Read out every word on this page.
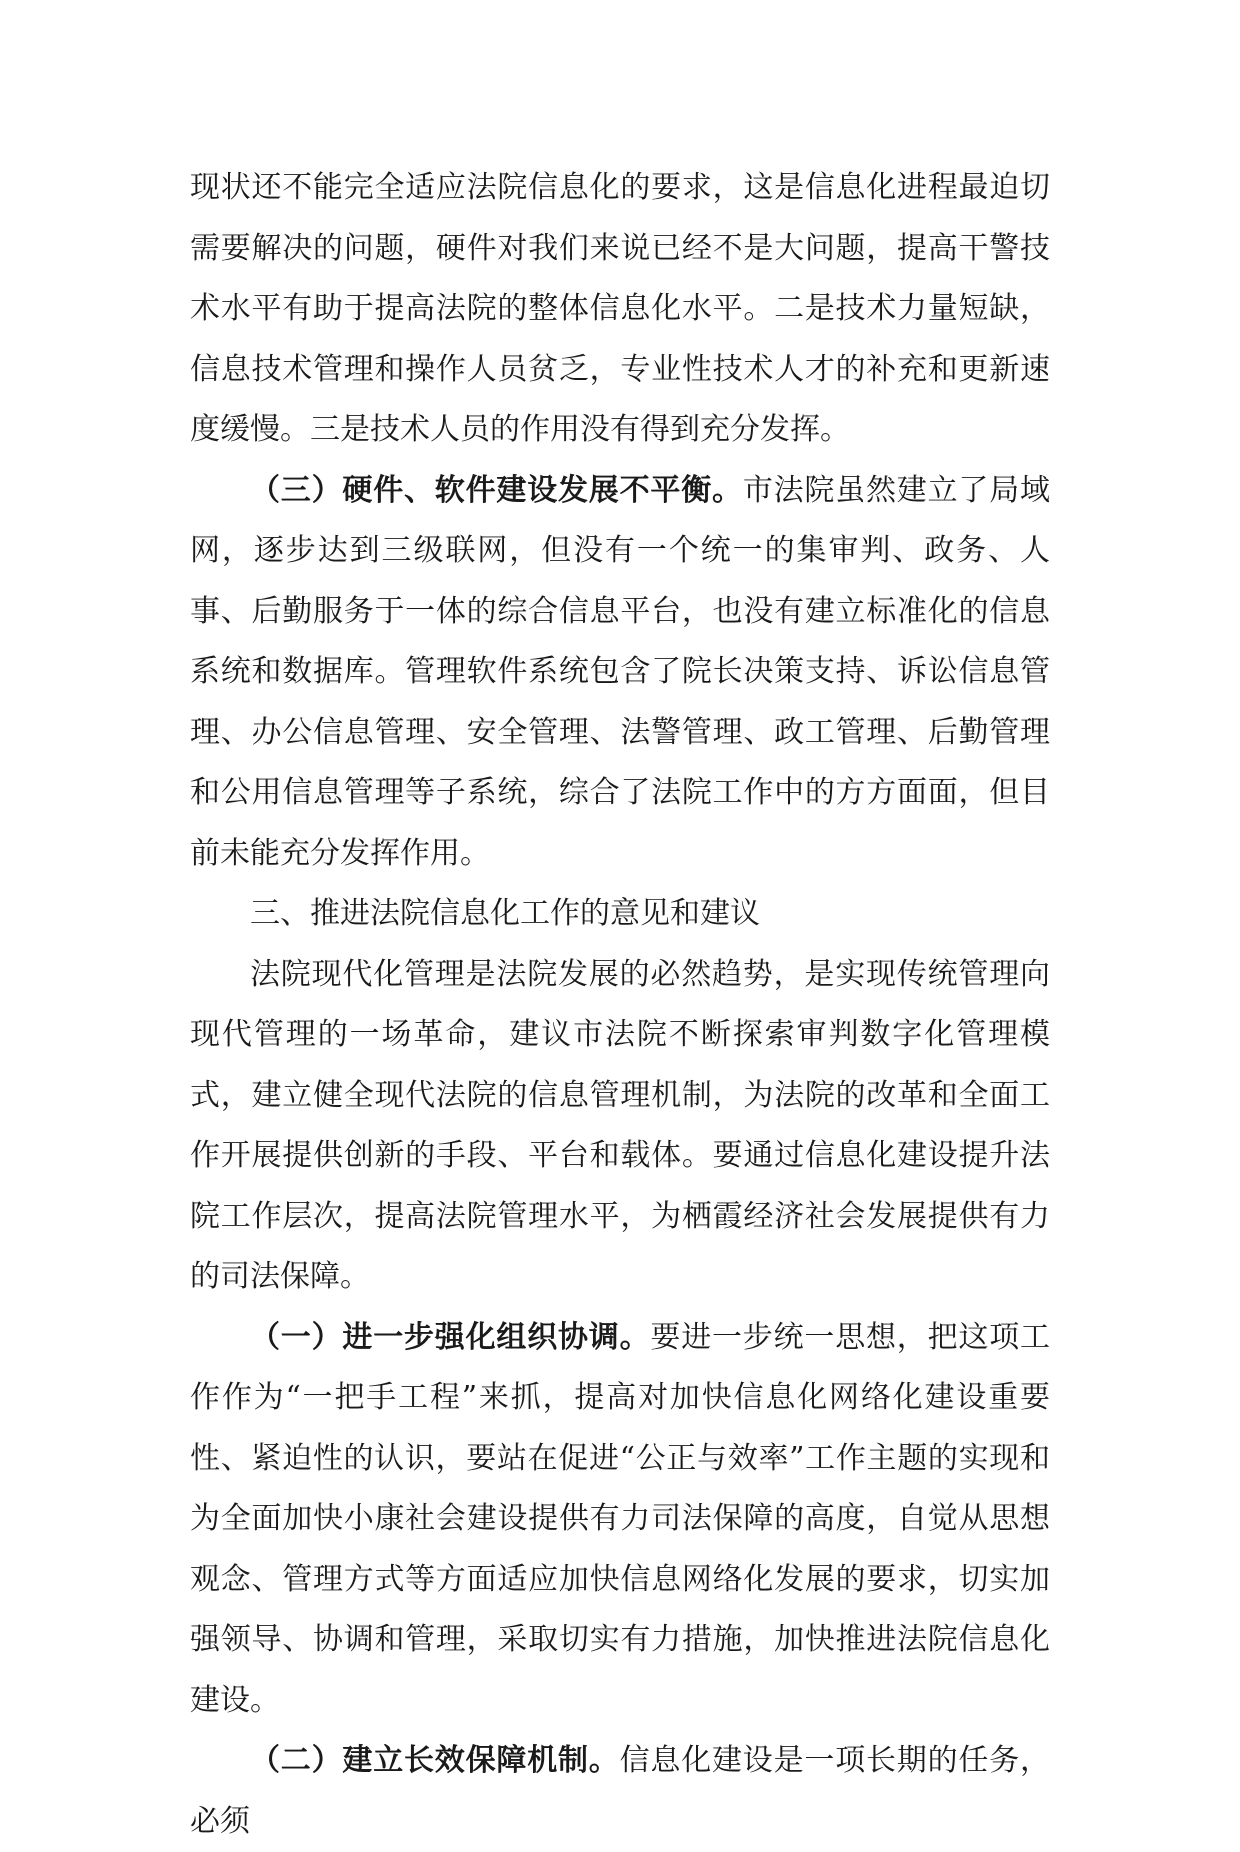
现状还不能完全适应法院信息化的要求，这是信息化进程最迫切需要解决的问题，硬件对我们来说已经不是大问题，提高干警技术水平有助于提高法院的整体信息化水平。二是技术力量短缺，信息技术管理和操作人员贫乏，专业性技术人才的补充和更新速度缓慢。三是技术人员的作用没有得到充分发挥。

（三）硬件、软件建设发展不平衡。市法院虽然建立了局域网，逐步达到三级联网，但没有一个统一的集审判、政务、人事、后勤服务于一体的综合信息平台，也没有建立标准化的信息系统和数据库。管理软件系统包含了院长决策支持、诉讼信息管理、办公信息管理、安全管理、法警管理、政工管理、后勤管理和公用信息管理等子系统，综合了法院工作中的方方面面，但目前未能充分发挥作用。

三、推进法院信息化工作的意见和建议

法院现代化管理是法院发展的必然趋势，是实现传统管理向现代管理的一场革命，建议市法院不断探索审判数字化管理模式，建立健全现代法院的信息管理机制，为法院的改革和全面工作开展提供创新的手段、平台和载体。要通过信息化建设提升法院工作层次，提高法院管理水平，为栖霞经济社会发展提供有力的司法保障。

（一）进一步强化组织协调。要进一步统一思想，把这项工作作为“一把手工程”来抓，提高对加快信息化网络化建设重要性、紧迫性的认识，要站在促进“公正与效率”工作主题的实现和为全面加快小康社会建设提供有力司法保障的高度，自觉从思想观念、管理方式等方面适应加快信息网络化发展的要求，切实加强领导、协调和管理，采取切实有力措施，加快推进法院信息化建设。

（二）建立长效保障机制。信息化建设是一项长期的任务，必须
